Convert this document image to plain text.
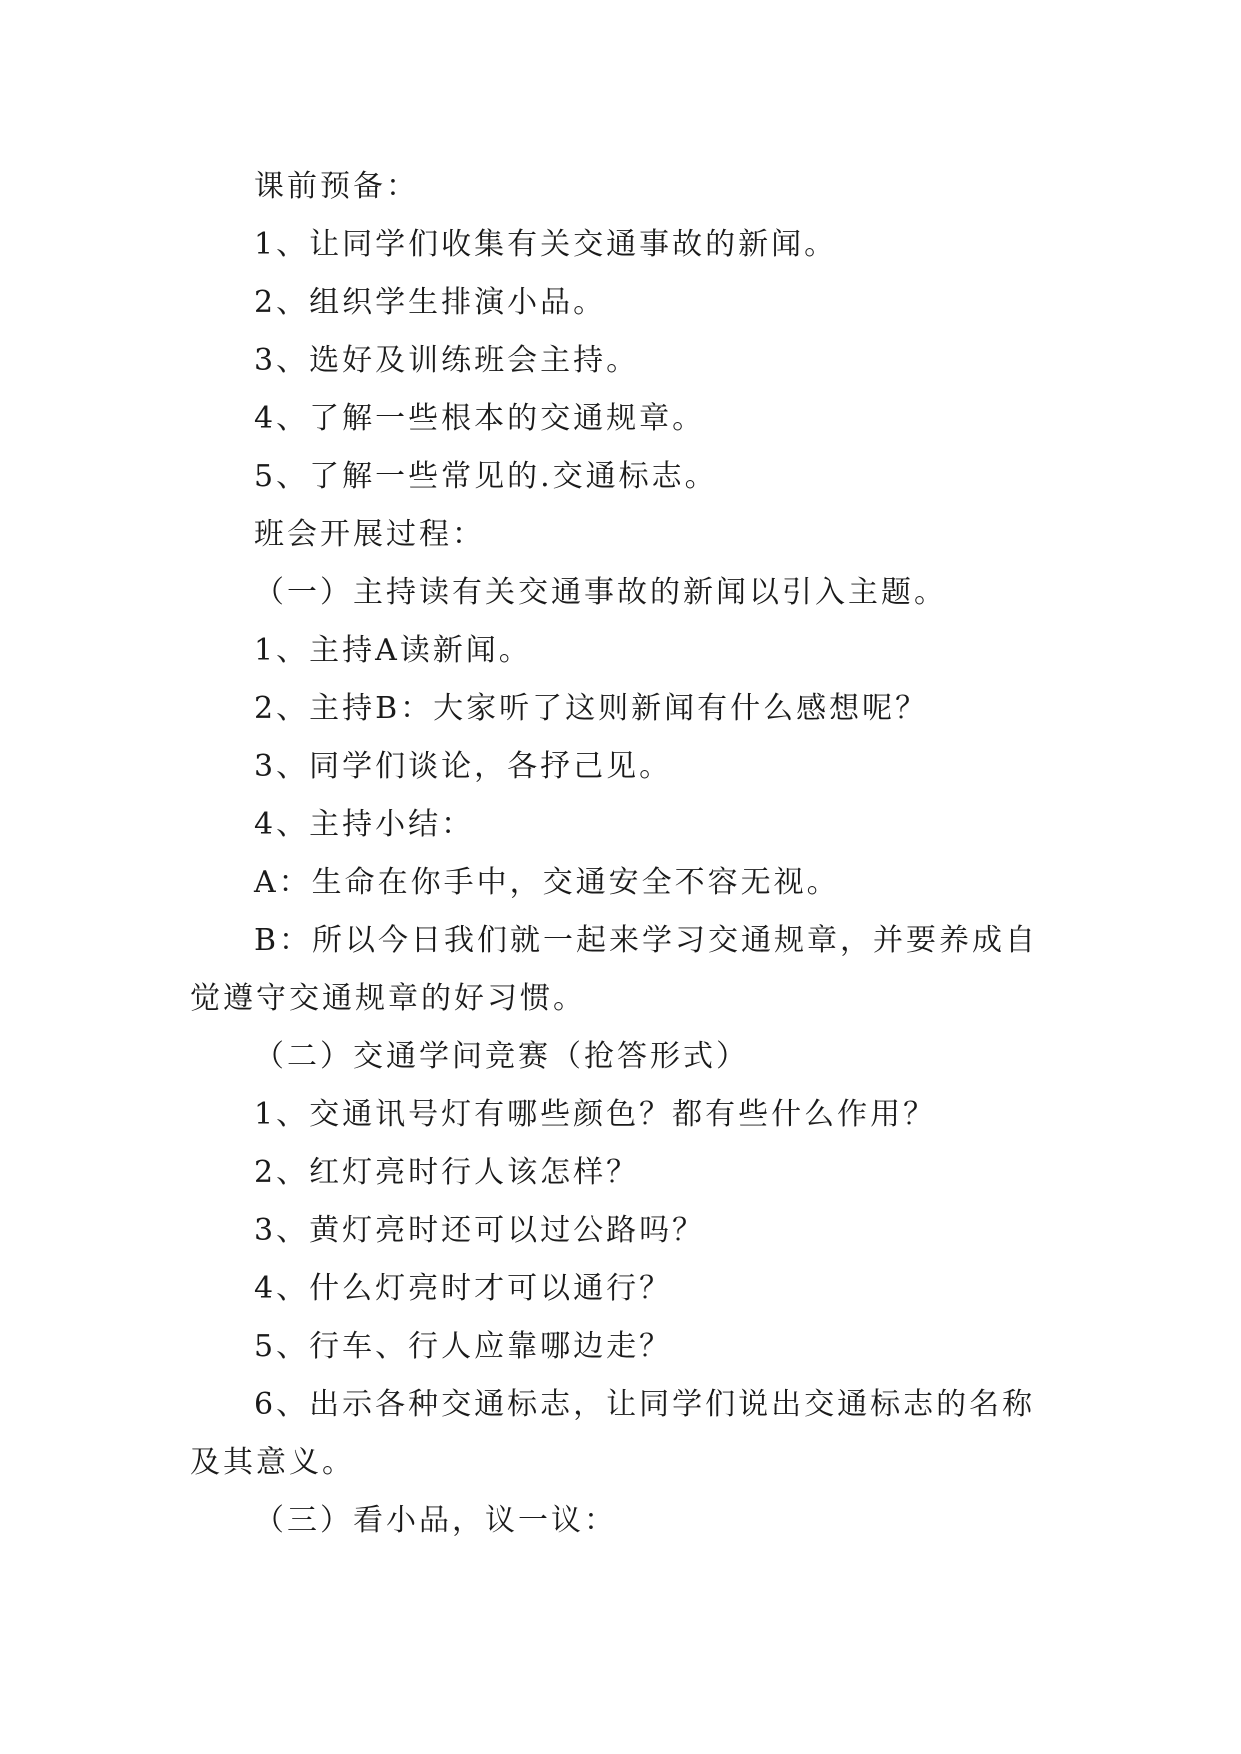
课前预备：

1、让同学们收集有关交通事故的新闻。

2、组织学生排演小品。

3、选好及训练班会主持。

4、了解一些根本的交通规章。

5、了解一些常见的.交通标志。

班会开展过程：

（一）主持读有关交通事故的新闻以引入主题。

1、主持A读新闻。

2、主持B：大家听了这则新闻有什么感想呢？

3、同学们谈论，各抒己见。

4、主持小结：

A：生命在你手中，交通安全不容无视。

B：所以今日我们就一起来学习交通规章，并要养成自觉遵守交通规章的好习惯。

（二）交通学问竞赛（抢答形式）

1、交通讯号灯有哪些颜色？都有些什么作用？

2、红灯亮时行人该怎样？

3、黄灯亮时还可以过公路吗？

4、什么灯亮时才可以通行？

5、行车、行人应靠哪边走？

6、出示各种交通标志，让同学们说出交通标志的名称及其意义。

（三）看小品，议一议：
